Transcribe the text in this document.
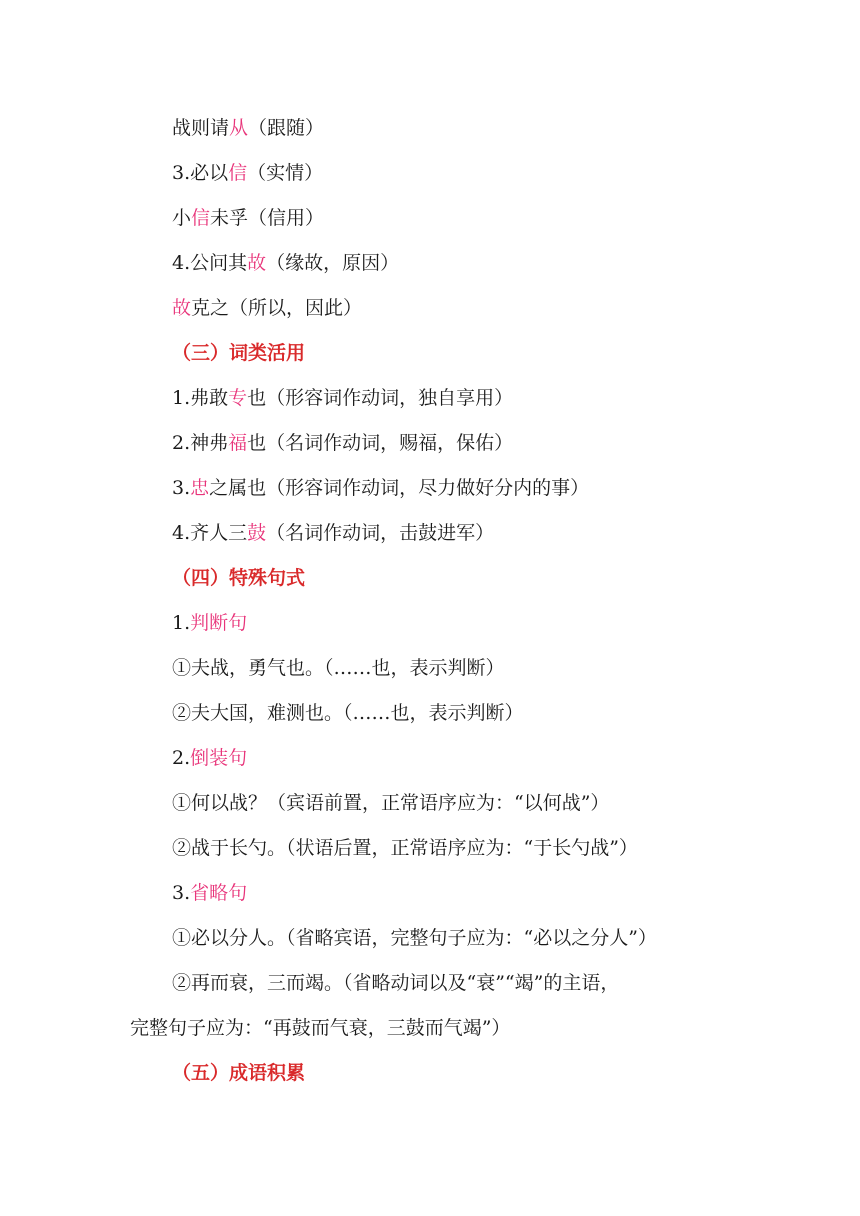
战则请从（跟随）
3.必以信（实情）
小信未孚（信用）
4.公问其故（缘故，原因）
故克之（所以，因此）
（三）词类活用
1.弗敢专也（形容词作动词，独自享用）
2.神弗福也（名词作动词，赐福，保佑）
3.忠之属也（形容词作动词，尽力做好分内的事）
4.齐人三鼓（名词作动词，击鼓进军）
（四）特殊句式
1.判断句
①夫战，勇气也。（……也，表示判断）
②夫大国，难测也。（……也，表示判断）
2.倒装句
①何以战？（宾语前置，正常语序应为：“以何战”）
②战于长勺。（状语后置，正常语序应为：“于长勺战”）
3.省略句
①必以分人。（省略宾语，完整句子应为：“必以之分人”）
②再而衰，三而竭。（省略动词以及“衰”“竭”的主语，
完整句子应为：“再鼓而气衰，三鼓而气竭”）
（五）成语积累
